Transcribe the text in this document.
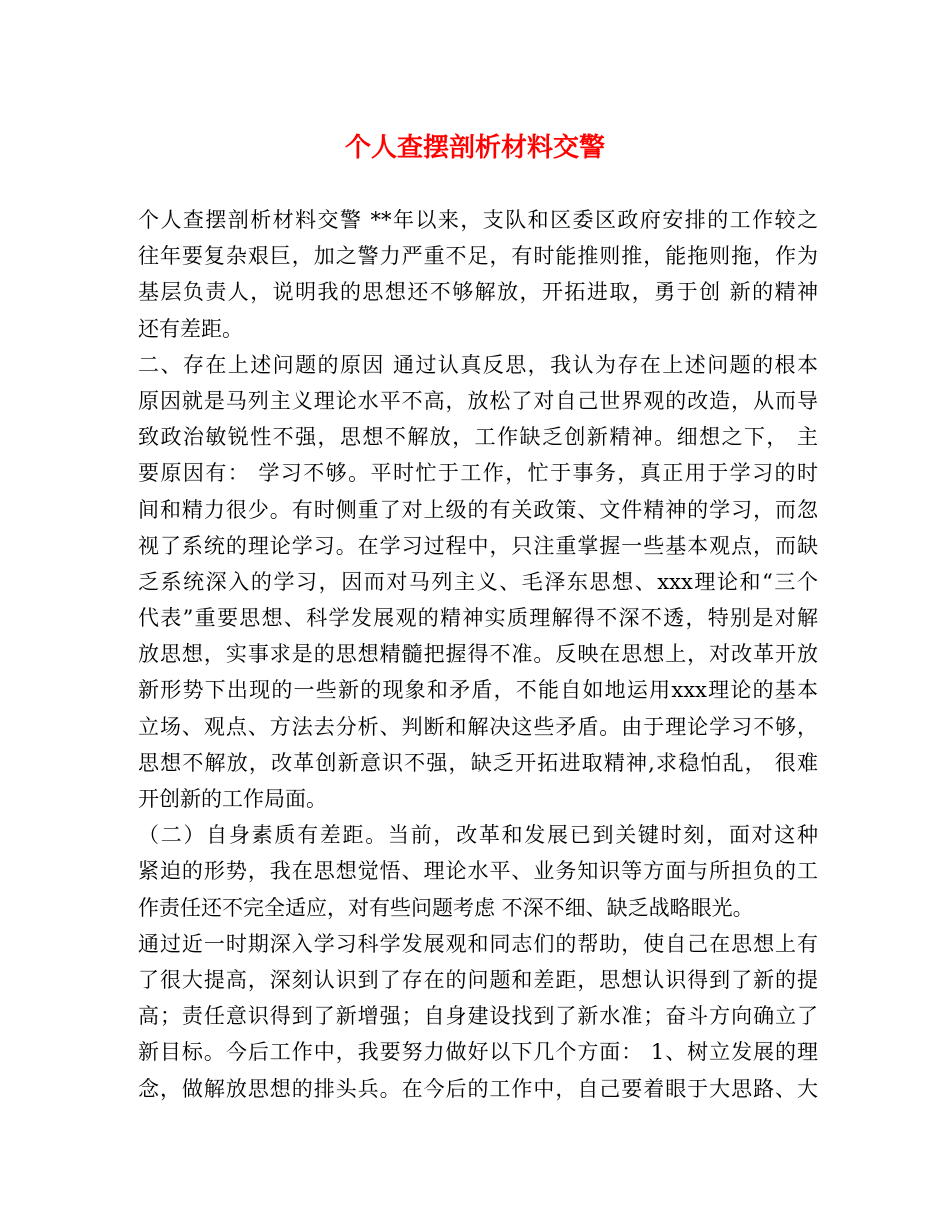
个人查摆剖析材料交警
个人查摆剖析材料交警 **年以来，支队和区委区政府安排的工作较之
往年要复杂艰巨，加之警力严重不足，有时能推则推，能拖则拖，作为
基层负责人，说明我的思想还不够解放，开拓进取，勇于创 新的精神
还有差距。
二、存在上述问题的原因 通过认真反思，我认为存在上述问题的根本
原因就是马列主义理论水平不高，放松了对自己世界观的改造，从而导
致政治敏锐性不强，思想不解放，工作缺乏创新精神。细想之下， 主
要原因有： 学习不够。平时忙于工作，忙于事务，真正用于学习的时
间和精力很少。有时侧重了对上级的有关政策、文件精神的学习，而忽
视了系统的理论学习。在学习过程中，只注重掌握一些基本观点，而缺
乏系统深入的学习，因而对马列主义、毛泽东思想、xxx理论和“三个
代表”重要思想、科学发展观的精神实质理解得不深不透，特别是对解
放思想，实事求是的思想精髓把握得不准。反映在思想上，对改革开放
新形势下出现的一些新的现象和矛盾，不能自如地运用xxx理论的基本
立场、观点、方法去分析、判断和解决这些矛盾。由于理论学习不够，
思想不解放，改革创新意识不强，缺乏开拓进取精神,求稳怕乱， 很难
开创新的工作局面。
（二）自身素质有差距。当前，改革和发展已到关键时刻，面对这种
紧迫的形势，我在思想觉悟、理论水平、业务知识等方面与所担负的工
作责任还不完全适应，对有些问题考虑 不深不细、缺乏战略眼光。
通过近一时期深入学习科学发展观和同志们的帮助，使自己在思想上有
了很大提高，深刻认识到了存在的问题和差距，思想认识得到了新的提
高；责任意识得到了新增强；自身建设找到了新水准；奋斗方向确立了
新目标。今后工作中，我要努力做好以下几个方面： 1、树立发展的理
念，做解放思想的排头兵。在今后的工作中，自己要着眼于大思路、大
